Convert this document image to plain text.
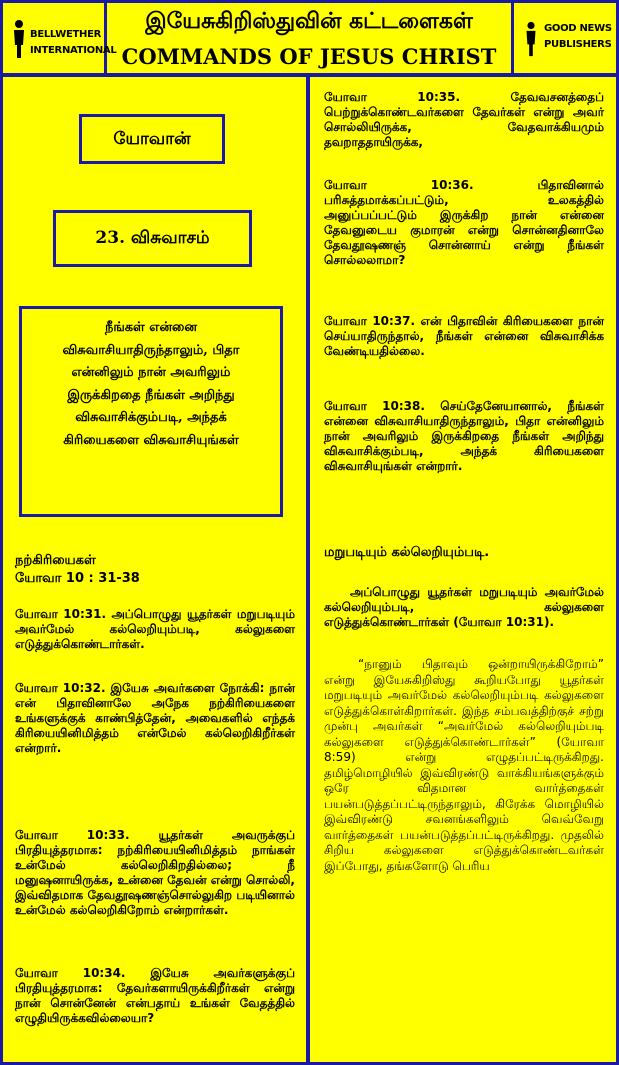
BELLWETHER
INTERNATIONAL
இயேசுகிறிஸ்துவின் கட்டளைகள்
COMMANDS OF JESUS CHRIST
GOOD NEWS
PUBLISHERS
யோவான்
23. விசுவாசம்
நீங்கள் என்னை விசுவாசியாதிருந்தாலும், பிதா என்னிலும் நான் அவரிலும் இருக்கிறதை நீங்கள் அறிந்து விசுவாசிக்கும்படி, அந்தக் கிரியைகளை விசுவாசியுங்கள்
நற்கிரியைகள்
யோவா 10 : 31-38
யோவா 10:31. அப்பொழுது யூதர்கள் மறுபடியும் அவர்மேல் கல்லெறியும்படி, கல்லுகளை எடுத்துக்கொண்டார்கள்.
யோவா 10:32. இயேசு அவர்களை நோக்கி: நான் என் பிதாவினாலே அநேக நற்கிரியைகளை உங்களுக்குக் காண்பித்தேன், அவைகளில் எந்தக் கிரியையினிமித்தம் என்மேல் கல்லெறிகிறீர்கள் என்றார்.
யோவா 10:33. யூதர்கள் அவருக்குப் பிரதியுத்தரமாக: நற்கிரியையினிமித்தம் நாங்கள் உன்மேல் கல்லெறிகிறதில்லை; நீ மனுஷனாயிருக்க, உன்னை தேவன் என்று சொல்லி, இவ்விதமாக தேவதூஷணஞ்சொல்லுகிற படியினால் உன்மேல் கல்லெறிகிறோம் என்றார்கள்.
யோவா 10:34. இயேசு அவர்களுக்குப் பிரதியுத்தரமாக: தேவர்களாயிருக்கிறீர்கள் என்று நான் சொன்னேன் என்பதாய் உங்கள் வேதத்தில் எழுதியிருக்கவில்லையா?
யோவா 10:35. தேவவசனத்தைப் பெற்றுக்கொண்டவர்களை தேவர்கள் என்று அவர் சொல்லியிருக்க, வேதவாக்கியமும் தவறாததாயிருக்க,
யோவா 10:36. பிதாவினால் பரிசுத்தமாக்கப்பட்டும், உலகத்தில் அனுப்பப்பட்டும் இருக்கிற நான் என்னை தேவனுடைய குமாரன் என்று சொன்னதினாலே தேவதூஷணஞ் சொன்னாய் என்று நீங்கள் சொல்லலாமா?
யோவா 10:37. என் பிதாவின் கிரியைகளை நான் செய்யாதிருந்தால், நீங்கள் என்னை விசுவாசிக்க வேண்டியதில்லை.
யோவா 10:38. செய்தேனேயானால், நீங்கள் என்னை விசுவாசியாதிருந்தாலும், பிதா என்னிலும் நான் அவரிலும் இருக்கிறதை நீங்கள் அறிந்து விசுவாசிக்கும்படி, அந்தக் கிரியைகளை விசுவாசியுங்கள் என்றார்.
மறுபடியும் கல்லெறியும்படி.
அப்பொழுது யூதர்கள் மறுபடியும் அவர்மேல் கல்லெறியும்படி, கல்லுகளை எடுத்துக்கொண்டார்கள் (யோவா 10:31).
“நானும் பிதாவும் ஒன்றாயிருக்கிறோம்” என்று இயேசுகிறிஸ்து கூறியபோது யூதர்கள் மறுபடியும் அவர்மேல் கல்லெறியும்படி கல்லுகளை எடுத்துக்கொள்கிறார்கள். இந்த சம்பவத்திற்குச் சற்று முன்பு அவர்கள் “அவர்மேல் கல்லெறியும்படி கல்லுகளை எடுத்துக்கொண்டார்கள்” (யோவா 8:59) என்று எழுதப்பட்டிருக்கிறது. தமிழ்மொழியில் இவ்விரண்டு வாக்கியங்களுக்கும் ஒரே விதமான வார்த்தைகள் பயன்படுத்தப்பட்டிருந்தாலும், கிரேக்க மொழியில் இவ்விரண்டு சவனங்களிலும் வெவ்வேறு வார்த்தைகள் பயன்படுத்தப்பட்டிருக்கிறது. முதலில் சிறிய கல்லுகளை எடுத்துக்கொண்டவர்கள் இப்போது, தங்களோடு பெரிய
